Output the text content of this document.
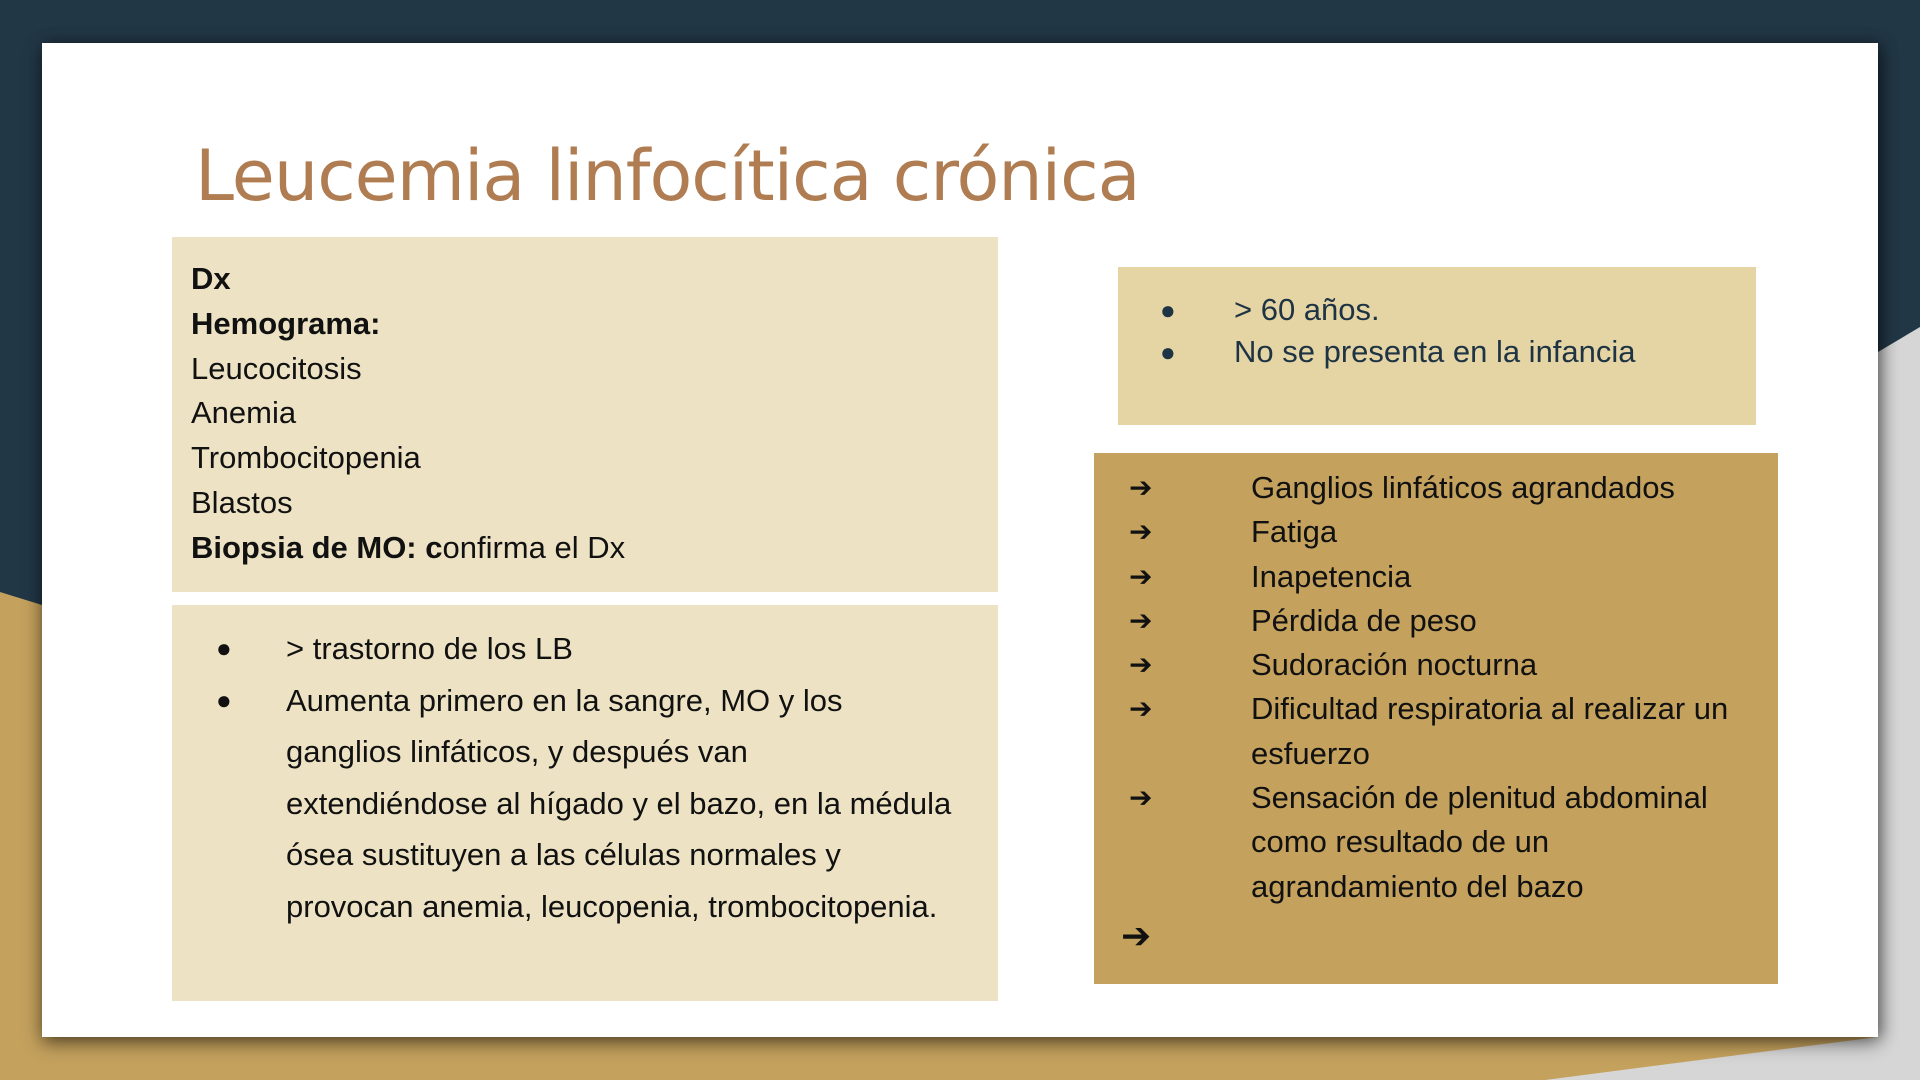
Leucemia linfocítica crónica
Dx
Hemograma:
Leucocitosis
Anemia
Trombocitopenia
Blastos
Biopsia de MO: confirma el Dx
● > trastorno de los LB
● Aumenta primero en la sangre, MO y los ganglios linfáticos, y después van extendiéndose al hígado y el bazo, en la médula ósea sustituyen a las células normales y provocan anemia, leucopenia, trombocitopenia.
● > 60 años.
● No se presenta en la infancia
➔	Ganglios linfáticos agrandados
➔	Fatiga
➔	Inapetencia
➔	Pérdida de peso
➔	Sudoración nocturna
➔	Dificultad respiratoria al realizar un esfuerzo
➔	Sensación de plenitud abdominal como resultado de un agrandamiento del bazo
➔
